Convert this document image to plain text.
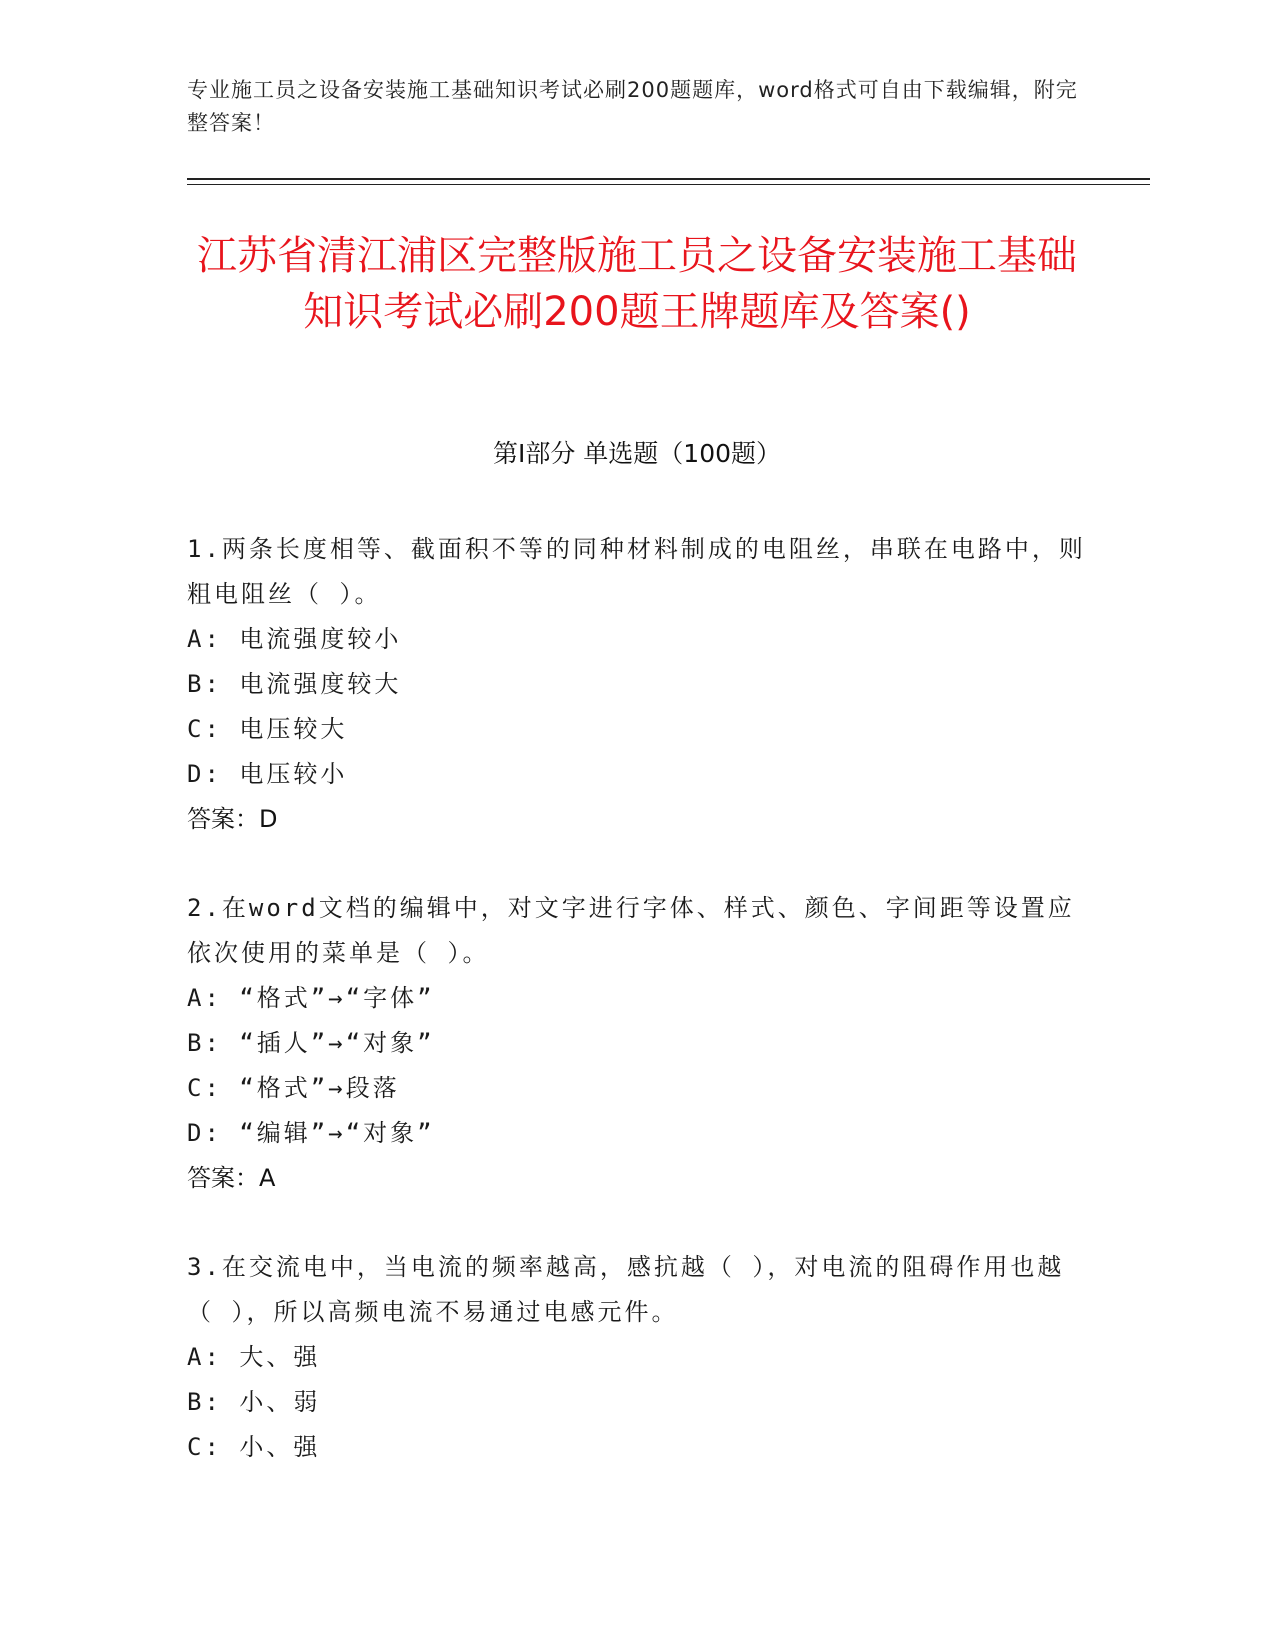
专业施工员之设备安装施工基础知识考试必刷200题题库，word格式可自由下载编辑，附完整答案！
江苏省清江浦区完整版施工员之设备安装施工基础知识考试必刷200题王牌题库及答案()
第I部分 单选题（100题）
1.两条长度相等、截面积不等的同种材料制成的电阻丝，串联在电路中，则粗电阻丝（ ）。
A: 电流强度较小
B: 电流强度较大
C: 电压较大
D: 电压较小
答案：D
2.在word文档的编辑中，对文字进行字体、样式、颜色、字间距等设置应依次使用的菜单是（ ）。
A: “格式”→“字体”
B: “插人”→“对象”
C: “格式”→段落
D: “编辑”→“对象”
答案：A
3.在交流电中，当电流的频率越高，感抗越（ ），对电流的阻碍作用也越（ ），所以高频电流不易通过电感元件。
A: 大、强
B: 小、弱
C: 小、强
